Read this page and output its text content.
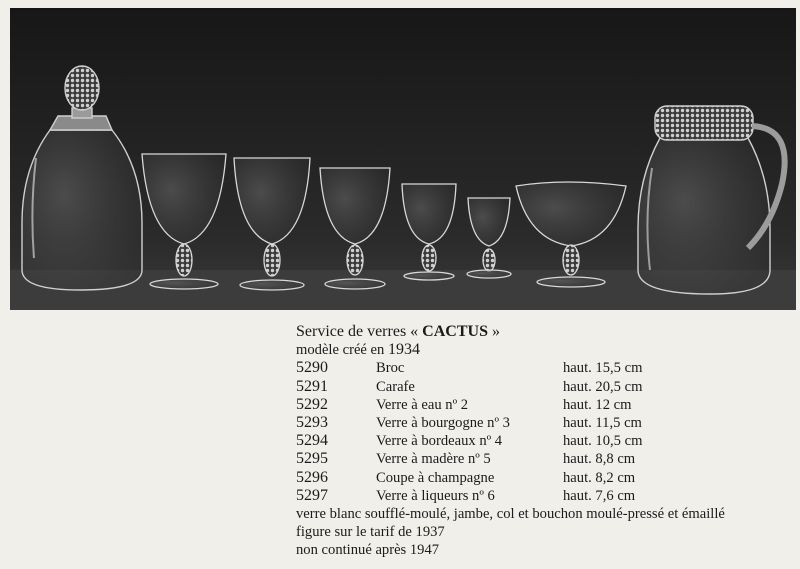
Service de verres « CACTUS »
modèle créé en 1934
5290	Broc	haut. 15,5 cm
5291	Carafe	haut. 20,5 cm
5292	Verre à eau nº 2	haut. 12 cm
5293	Verre à bourgogne nº 3	haut. 11,5 cm
5294	Verre à bordeaux nº 4	haut. 10,5 cm
5295	Verre à madère nº 5	haut. 8,8 cm
5296	Coupe à champagne	haut. 8,2 cm
5297	Verre à liqueurs nº 6	haut. 7,6 cm
verre blanc soufflé-moulé, jambe, col et bouchon moulé-pressé et émaillé
figure sur le tarif de 1937
non continué après 1947
